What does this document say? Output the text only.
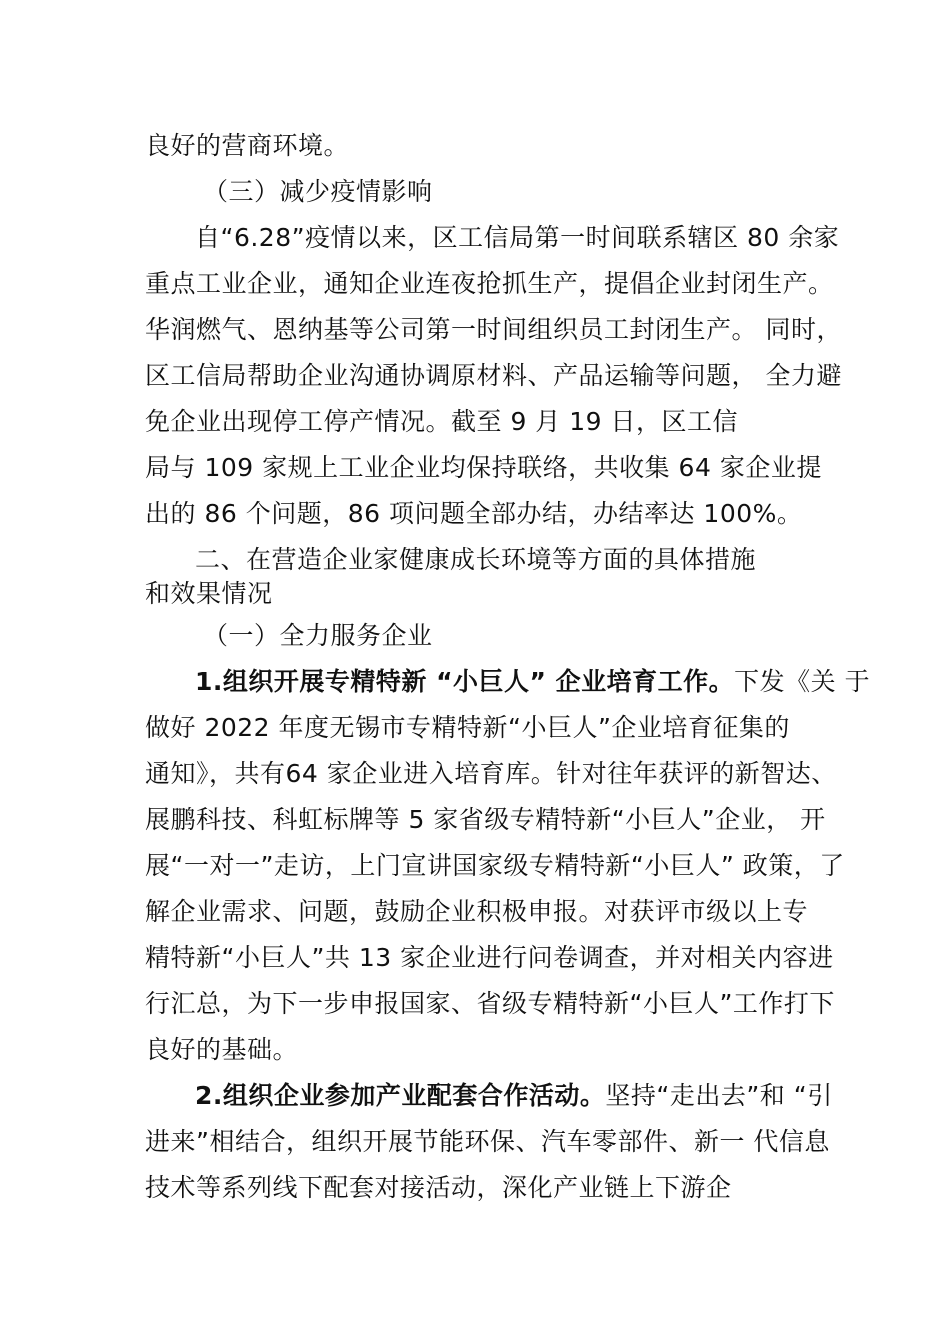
良好的营商环境。
（三）减少疫情影响
自“6.28”疫情以来，区工信局第一时间联系辖区 80 余家
重点工业企业，通知企业连夜抢抓生产，提倡企业封闭生产。
华润燃气、恩纳基等公司第一时间组织员工封闭生产。 同时，
区工信局帮助企业沟通协调原材料、产品运输等问题， 全力避
免企业出现停工停产情况。截至 9 月 19 日，区工信
局与 109 家规上工业企业均保持联络，共收集 64 家企业提
出的 86 个问题，86 项问题全部办结，办结率达 100%。
二、在营造企业家健康成长环境等方面的具体措施
和效果情况
（一）全力服务企业
1.组织开展专精特新 “小巨人” 企业培育工作。下发《关 于
做好 2022 年度无锡市专精特新“小巨人”企业培育征集的
通知》，共有64 家企业进入培育库。针对往年获评的新智达、
展鹏科技、科虹标牌等 5 家省级专精特新“小巨人”企业， 开
展“一对一”走访，上门宣讲国家级专精特新“小巨人” 政策，了
解企业需求、问题，鼓励企业积极申报。对获评市级以上专
精特新“小巨人”共 13 家企业进行问卷调查，并对相关内容进
行汇总，为下一步申报国家、省级专精特新“小巨人”工作打下
良好的基础。
2.组织企业参加产业配套合作活动。坚持“走出去”和 “引
进来”相结合，组织开展节能环保、汽车零部件、新一 代信息
技术等系列线下配套对接活动，深化产业链上下游企
